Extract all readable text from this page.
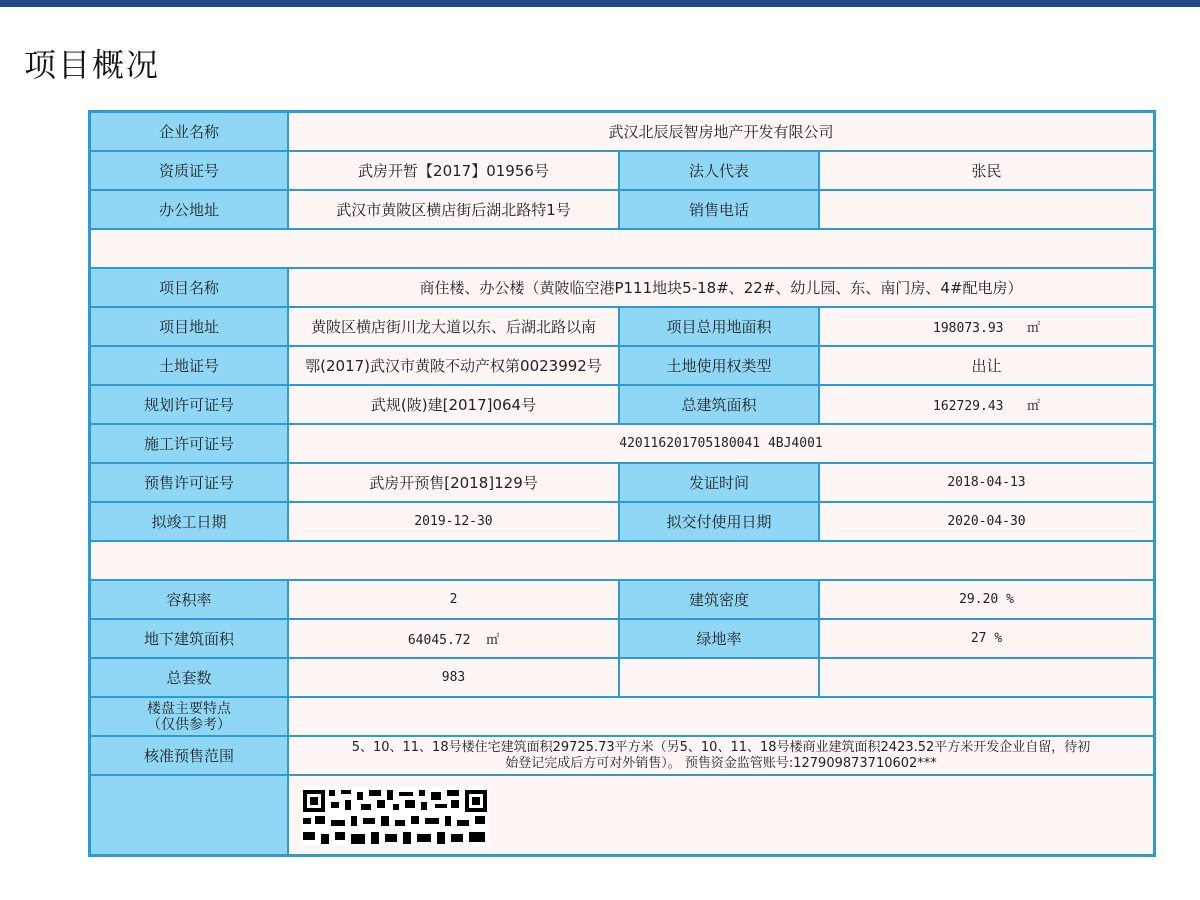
项目概况
企业名称	武汉北辰辰智房地产开发有限公司		
资质证号	武房开暂【2017】01956号	法人代表	张民
办公地址	武汉市黄陂区横店街后湖北路特1号	销售电话	

项目名称	商住楼、办公楼（黄陂临空港P111地块5-18#、22#、幼儿园、东、南门房、4#配电房）		
项目地址	黄陂区横店街川龙大道以东、后湖北路以南	项目总用地面积	198073.93 ㎡
土地证号	鄂(2017)武汉市黄陂不动产权第0023992号	土地使用权类型	出让
规划许可证号	武规(陂)建[2017]064号	总建筑面积	162729.43 ㎡
施工许可证号	420116201705180041 4BJ4001		
预售许可证号	武房开预售[2018]129号	发证时间	2018-04-13
拟竣工日期	2019-12-30	拟交付使用日期	2020-04-30

容积率	2	建筑密度	29.20 %
地下建筑面积	64045.72 ㎡	绿地率	27 %
总套数	983		

楼盘主要特点
（仅供参考）			

核准预售范围	5、10、11、18号楼住宅建筑面积29725.73平方米（另5、10、11、18号楼商业建筑面积2423.52平方米开发企业自留，待初
始登记完成后方可对外销售）。 预售资金监管账号:127909873710602***		
